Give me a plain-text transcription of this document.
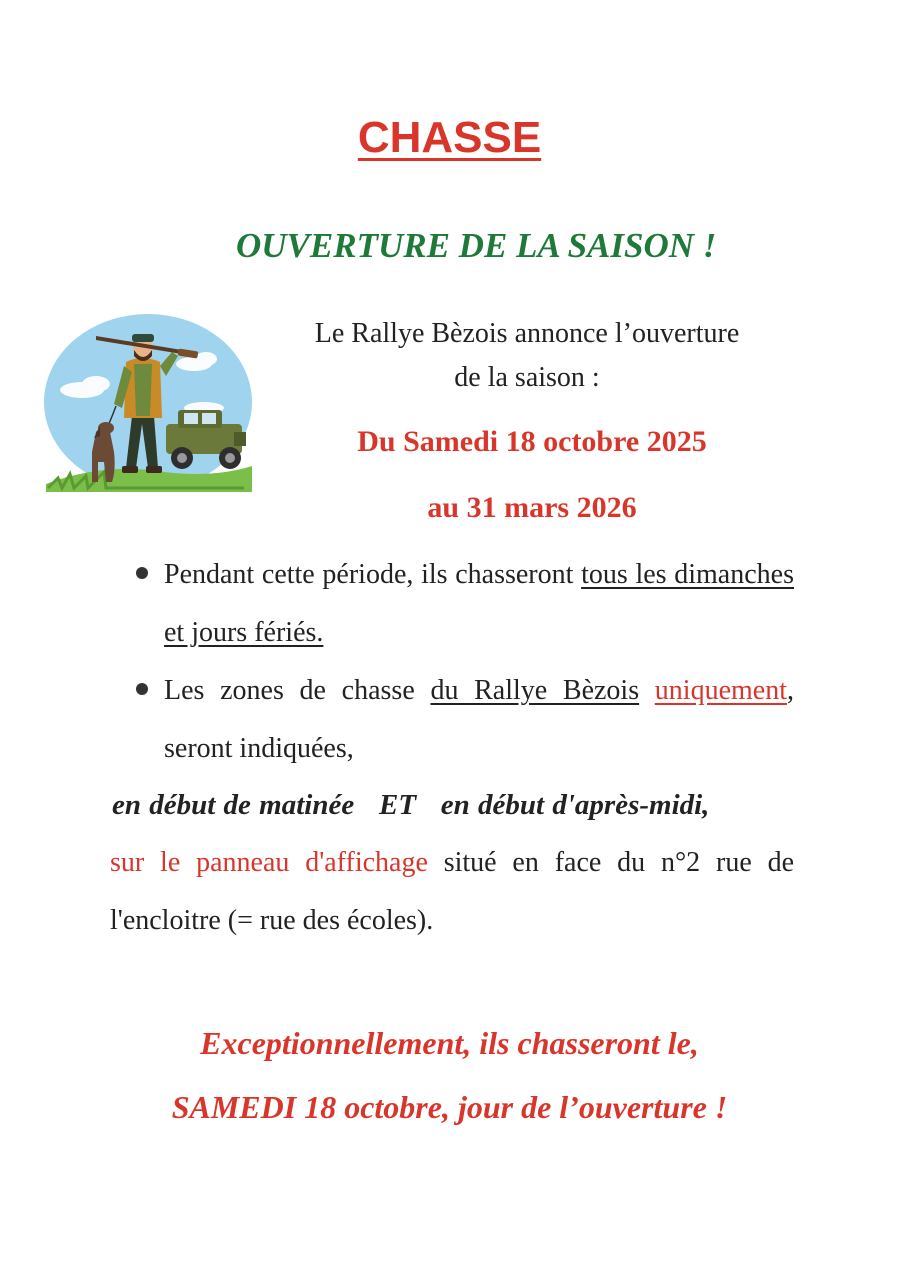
CHASSE
OUVERTURE DE LA SAISON !
Le Rallye Bèzois annonce l’ouverture
de la saison :
Du Samedi 18 octobre 2025
au 31 mars 2026
Pendant cette période, ils chasseront tous les dimanches et jours fériés.
Les zones de chasse du Rallye Bèzois uniquement, seront indiquées,
en début de matinée ET en début d'après-midi,
sur le panneau d'affichage situé en face du n°2 rue de l'encloitre (= rue des écoles).
Exceptionnellement, ils chasseront le,
SAMEDI 18 octobre, jour de l’ouverture !
